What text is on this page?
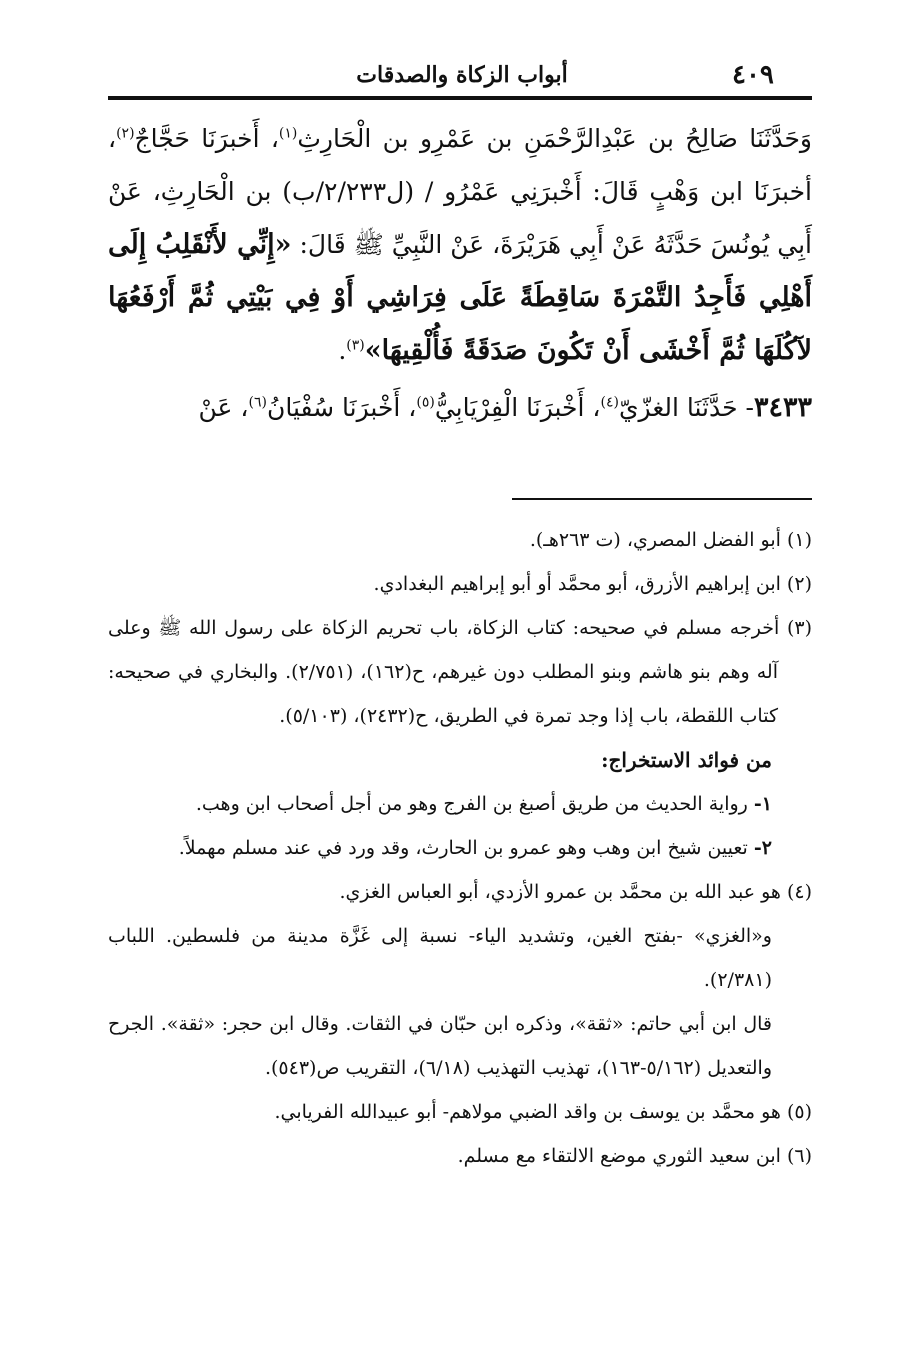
أبواب الزكاة والصدقات	٤٠٩

وَحَدَّثَنَا صَالِحُ بن عَبْدِالرَّحْمَنِ بن عَمْرِو بن الْحَارِثِ$^{(١)}$، أَخبرَنَا حَجَّاجٌ$^{(٢)}$، أخبرَنَا ابن وَهْبٍ قَالَ: أَخْبرَنِي عَمْرُو / (ل٢/٢٣٣/ب) بن الْحَارِثِ، عَنْ أَبِي يُونُسَ حَدَّثَهُ عَنْ أَبِي هَرَيْرَةَ، عَنْ النَّبِيِّ ﷺ قَالَ: «إِنِّي لأَنْقَلِبُ إِلَى أَهْلِي فَأَجِدُ التَّمْرَةَ سَاقِطَةً عَلَى فِرَاشِي أَوْ فِي بَيْتِي ثُمَّ أَرْفَعُهَا لآكُلَهَا ثُمَّ أَخْشَى أَنْ تَكُونَ صَدَقَةً فَأُلْقِيهَا»$^{(٣)}$.

٣٤٣٣- حَدَّثَنَا الغزّيّ$^{(٤)}$، أَخْبرَنَا الْفِرْيَابِيُّ$^{(٥)}$، أَخْبرَنَا سُفْيَانُ$^{(٦)}$، عَنْ

(١) أبو الفضل المصري، (ت ٢٦٣هـ).

(٢) ابن إبراهيم الأزرق، أبو محمَّد أو أبو إبراهيم البغدادي.

(٣) أخرجه مسلم في صحيحه: كتاب الزكاة، باب تحريم الزكاة على رسول الله ﷺ وعلى آله وهم بنو هاشم وبنو المطلب دون غيرهم، ح(١٦٢)، (٢/٧٥١). والبخاري في صحيحه: كتاب اللقطة، باب إذا وجد تمرة في الطريق، ح(٢٤٣٢)، (٥/١٠٣).

من فوائد الاستخراج:

١- رواية الحديث من طريق أصبغ بن الفرج وهو من أجل أصحاب ابن وهب.

٢- تعيين شيخ ابن وهب وهو عمرو بن الحارث، وقد ورد في عند مسلم مهملاً.

(٤) هو عبد الله بن محمَّد بن عمرو الأزدي، أبو العباس الغزي.

و«الغزي» -بفتح الغين، وتشديد الياء- نسبة إلى غَزَّة مدينة من فلسطين. اللباب (٢/٣٨١).

قال ابن أبي حاتم: «ثقة»، وذكره ابن حبّان في الثقات. وقال ابن حجر: «ثقة». الجرح والتعديل (٥/١٦٢-١٦٣)، تهذيب التهذيب (٦/١٨)، التقريب ص(٥٤٣).

(٥) هو محمَّد بن يوسف بن واقد الضبي مولاهم- أبو عبيدالله الفريابي.

(٦) ابن سعيد الثوري موضع الالتقاء مع مسلم.
